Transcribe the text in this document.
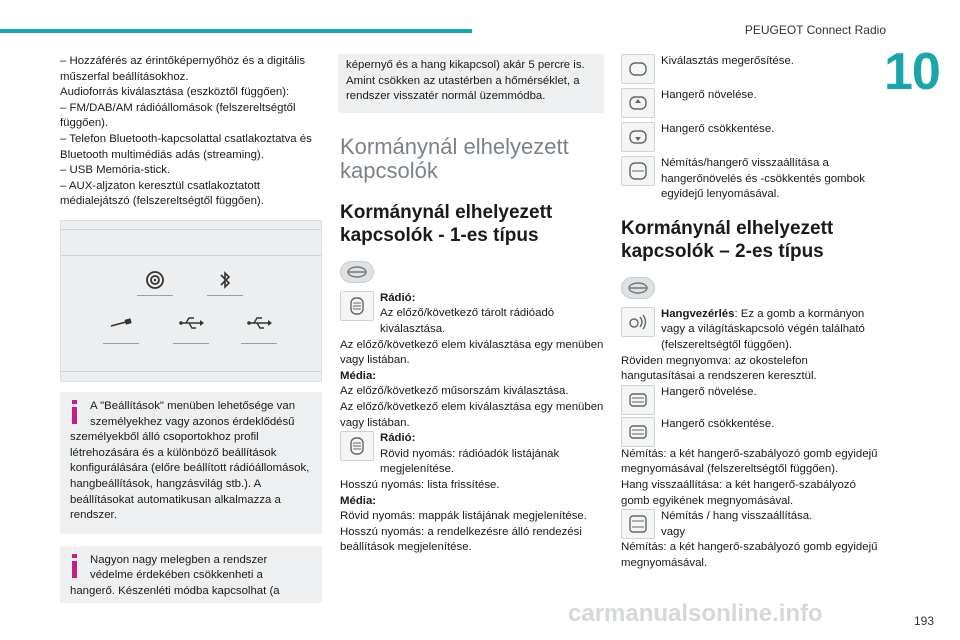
PEUGEOT Connect Radio
10
– Hozzáférés az érintőképernyőhöz és a digitális műszerfal beállításokhoz.
Audioforrás kiválasztása (eszköztől függően):
– FM/DAB/AM rádióállomások (felszereltségtől függően).
– Telefon Bluetooth-kapcsolattal csatlakoztatva és Bluetooth multimédiás adás (streaming).
– USB Memória-stick.
– AUX-aljzaton keresztül csatlakoztatott médialejátszó (felszereltségtől függően).
A "Beállítások" menüben lehetősége van személyekhez vagy azonos érdeklődésű
személyekből álló csoportokhoz profil létrehozására és a különböző beállítások konfigurálására (előre beállított rádióállomások, hangbeállítások, hangzásvilág stb.). A beállításokat automatikusan alkalmazza a rendszer.
Nagyon nagy melegben a rendszer védelme érdekében csökkenheti a
hangerő. Készenléti módba kapcsolhat (a
képernyő és a hang kikapcsol) akár 5 percre is.
Amint csökken az utastérben a hőmérséklet, a rendszer visszatér normál üzemmódba.
Kormánynál elhelyezett kapcsolók
Kormánynál elhelyezett kapcsolók - 1-es típus
Rádió:
Az előző/következő tárolt rádióadó kiválasztása.
Az előző/következő elem kiválasztása egy menüben vagy listában.
Média:
Az előző/következő műsorszám kiválasztása.
Az előző/következő elem kiválasztása egy menüben vagy listában.
Rádió:
Rövid nyomás: rádióadók listájának megjelenítése.
Hosszú nyomás: lista frissítése.
Média:
Rövid nyomás: mappák listájának megjelenítése.
Hosszú nyomás: a rendelkezésre álló rendezési beállítások megjelenítése.
Kiválasztás megerősítése.
Hangerő növelése.
Hangerő csökkentése.
Némítás/hangerő visszaállítása a hangerőnövelés és -csökkentés gombok egyidejű lenyomásával.
Kormánynál elhelyezett kapcsolók – 2-es típus
Hangvezérlés: Ez a gomb a kormányon vagy a világításkapcsoló végén található (felszereltségtől függően).
Röviden megnyomva: az okostelefon hangutasításai a rendszeren keresztül.
Hangerő növelése.
Hangerő csökkentése.
Némítás: a két hangerő-szabályozó gomb egyidejű megnyomásával (felszereltségtől függően).
Hang visszaállítása: a két hangerő-szabályozó gomb egyikének megnyomásával.
Némítás / hang visszaállítása.
vagy
Némítás: a két hangerő-szabályozó gomb egyidejű megnyomásával.
carmanualsonline.info	193
